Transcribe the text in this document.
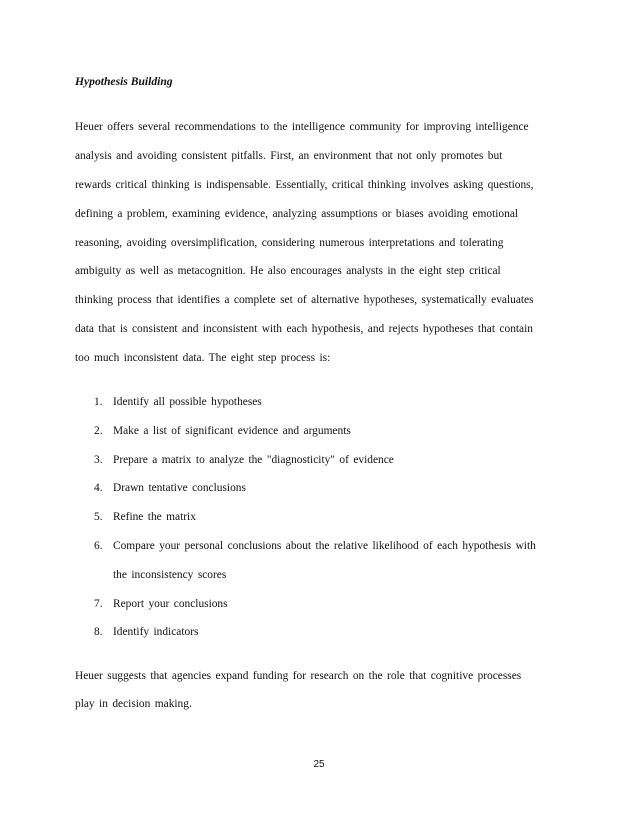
Hypothesis Building
Heuer offers several recommendations to the intelligence community for improving intelligence
analysis and avoiding consistent pitfalls. First, an environment that not only promotes but
rewards critical thinking is indispensable. Essentially, critical thinking involves asking questions,
defining a problem, examining evidence, analyzing assumptions or biases avoiding emotional
reasoning, avoiding oversimplification, considering numerous interpretations and tolerating
ambiguity as well as metacognition. He also encourages analysts in the eight step critical
thinking process that identifies a complete set of alternative hypotheses, systematically evaluates
data that is consistent and inconsistent with each hypothesis, and rejects hypotheses that contain
too much inconsistent data. The eight step process is:
1. Identify all possible hypotheses
2. Make a list of significant evidence and arguments
3. Prepare a matrix to analyze the "diagnosticity" of evidence
4. Drawn tentative conclusions
5. Refine the matrix
6. Compare your personal conclusions about the relative likelihood of each hypothesis with
the inconsistency scores
7. Report your conclusions
8. Identify indicators
Heuer suggests that agencies expand funding for research on the role that cognitive processes
play in decision making.
25
